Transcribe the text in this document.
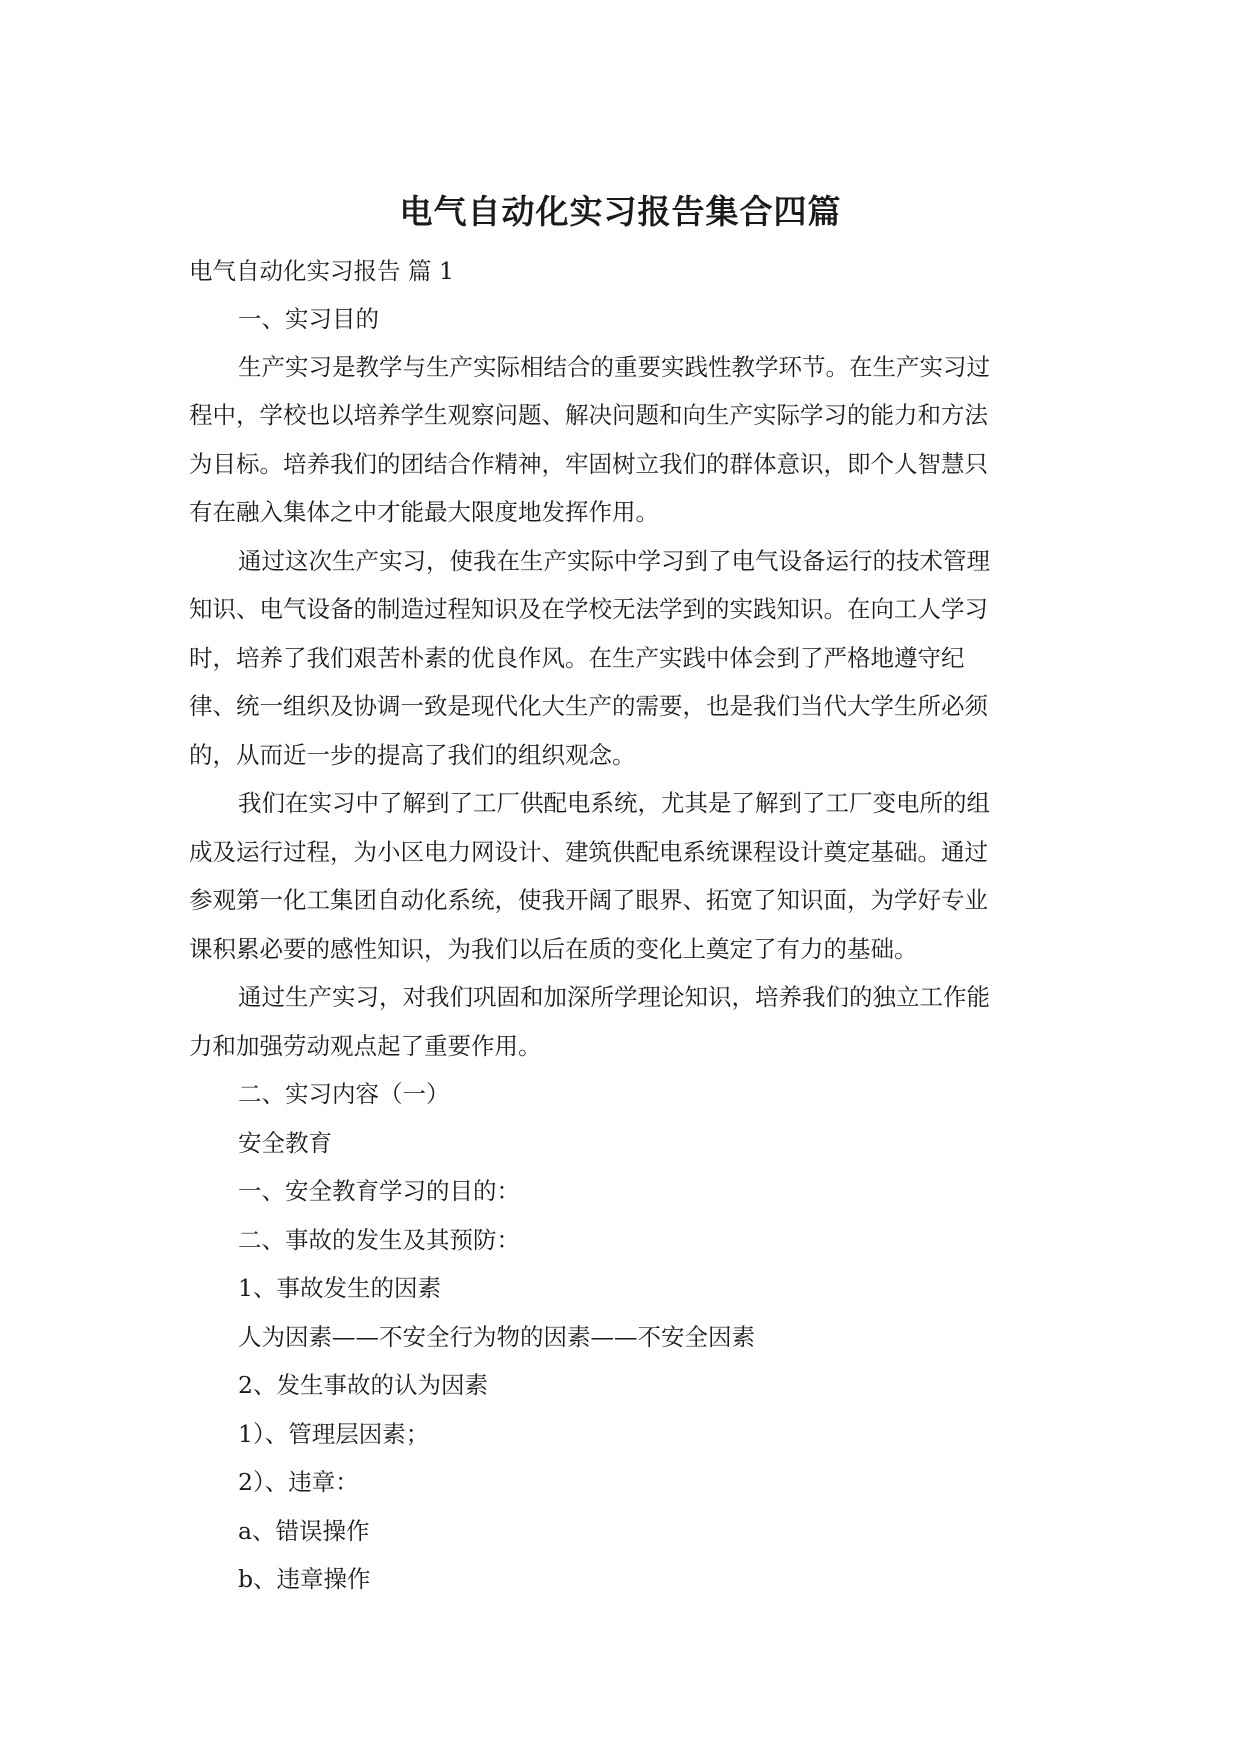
电气自动化实习报告集合四篇
电气自动化实习报告 篇 1
一、实习目的
生产实习是教学与生产实际相结合的重要实践性教学环节。在生产实习过
程中，学校也以培养学生观察问题、解决问题和向生产实际学习的能力和方法
为目标。培养我们的团结合作精神，牢固树立我们的群体意识，即个人智慧只
有在融入集体之中才能最大限度地发挥作用。
通过这次生产实习，使我在生产实际中学习到了电气设备运行的技术管理
知识、电气设备的制造过程知识及在学校无法学到的实践知识。在向工人学习
时，培养了我们艰苦朴素的优良作风。在生产实践中体会到了严格地遵守纪
律、统一组织及协调一致是现代化大生产的需要，也是我们当代大学生所必须
的，从而近一步的提高了我们的组织观念。
我们在实习中了解到了工厂供配电系统，尤其是了解到了工厂变电所的组
成及运行过程，为小区电力网设计、建筑供配电系统课程设计奠定基础。通过
参观第一化工集团自动化系统，使我开阔了眼界、拓宽了知识面，为学好专业
课积累必要的感性知识，为我们以后在质的变化上奠定了有力的基础。
通过生产实习，对我们巩固和加深所学理论知识，培养我们的独立工作能
力和加强劳动观点起了重要作用。
二、实习内容（一）
安全教育
一、安全教育学习的目的：
二、事故的发生及其预防：
1、事故发生的因素
人为因素——不安全行为物的因素——不安全因素
2、发生事故的认为因素
1）、管理层因素；
2）、违章：
a、错误操作
b、违章操作
